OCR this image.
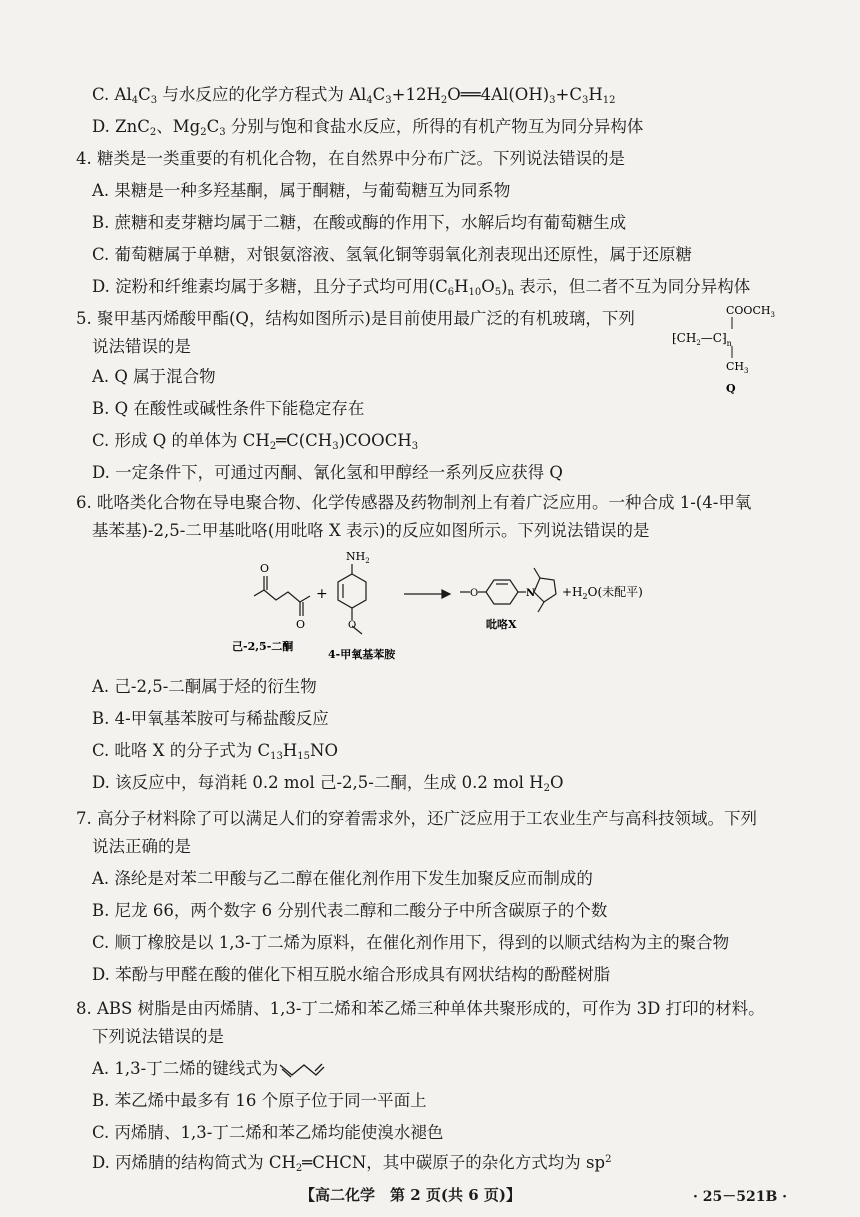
C. $Al_4C_3$ 与水反应的化学方程式为 $Al_4C_3+12H_2O══4Al(OH)_3+C_3H_{12}$
D. ZnC$_2$、$Mg_2C_3$ 分别与饱和食盐水反应，所得的有机产物互为同分异构体
4. 糖类是一类重要的有机化合物，在自然界中分布广泛。下列说法错误的是
A. 果糖是一种多羟基酮，属于酮糖，与葡萄糖互为同系物
B. 蔗糖和麦芽糖均属于二糖，在酸或酶的作用下，水解后均有葡萄糖生成
C. 葡萄糖属于单糖，对银氨溶液、氢氧化铜等弱氧化剂表现出还原性，属于还原糖
D. 淀粉和纤维素均属于多糖，且分子式均可用$(C_6H_{10}O_5)_n$ 表示，但二者不互为同分异构体
5. 聚甲基丙烯酸甲酯(Q，结构如图所示)是目前使用最广泛的有机玻璃，下列
说法错误的是
A. Q 属于混合物
B. Q 在酸性或碱性条件下能稳定存在
C. 形成 Q 的单体为 $CH_2═C(CH_3)COOCH_3$
D. 一定条件下，可通过丙酮、氰化氢和甲醇经一系列反应获得 Q
$COOCH_3$
$⁅CH_2—C⁆_n$
$CH_3$
Q
6. 吡咯类化合物在导电聚合物、化学传感器及药物制剂上有着广泛应用。一种合成 1-(4-甲氧
基苯基)-2,5-二甲基吡咯(用吡咯 X 表示)的反应如图所示。下列说法错误的是
O
O
己-2,5-二酮
+
$NH_2$
O
4-甲氧基苯胺
O	$N +H_2O$(未配平)
吡咯X
A. 己-2,5-二酮属于烃的衍生物
B. 4-甲氧基苯胺可与稀盐酸反应
C. 吡咯 X 的分子式为 $C_{13}H_{15}NO$
D. 该反应中，每消耗 0.2 mol 己-2,5-二酮，生成 0.2 mol $H_2O$
7. 高分子材料除了可以满足人们的穿着需求外，还广泛应用于工农业生产与高科技领域。下列
说法正确的是
A. 涤纶是对苯二甲酸与乙二醇在催化剂作用下发生加聚反应而制成的
B. 尼龙 66，两个数字 6 分别代表二醇和二酸分子中所含碳原子的个数
C. 顺丁橡胶是以 1,3-丁二烯为原料，在催化剂作用下，得到的以顺式结构为主的聚合物
D. 苯酚与甲醛在酸的催化下相互脱水缩合形成具有网状结构的酚醛树脂
8. ABS 树脂是由丙烯腈、1,3-丁二烯和苯乙烯三种单体共聚形成的，可作为 3D 打印的材料。
下列说法错误的是
A. 1,3-丁二烯的键线式为
B. 苯乙烯中最多有 16 个原子位于同一平面上
C. 丙烯腈、1,3-丁二烯和苯乙烯均能使溴水褪色
D. 丙烯腈的结构简式为 $CH_2═CHCN$，其中碳原子的杂化方式均为 $sp^2$
【高二化学　第 2 页(共 6 页)】	· 25－521B ·
